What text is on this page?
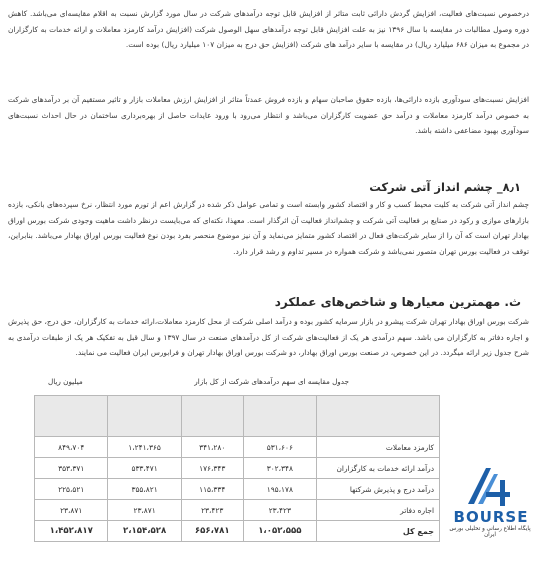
درخصوص نسبت‌های فعالیت، افزایش گردش دارائی ثابت متاثر از افزایش قابل توجه درآمدهای شرکت در سال مورد گزارش نسبت به اقلام مقایسه‌ای می‌باشد. کاهش دوره وصول مطالبات در مقایسه با سال ۱۳۹۶ نیز به علت افزایش قابل توجه درآمدهای سهل الوصول شرکت (افزایش درآمد کارمزد معاملات و ارائه خدمات به کارگزاران در مجموع به میزان ۶۸۶ میلیارد ریال) در مقایسه با سایر درآمد های شرکت (افزایش حق درج به میزان ۱۰۷ میلیارد ریال) بوده است.

افزایش نسبت‌های سودآوری بازده دارائی‌ها، بازده حقوق صاحبان سهام و بازده فروش عمدتاً متاثر از افزایش ارزش معاملات بازار و تاثیر مستقیم آن بر درآمدهای شرکت به خصوص درآمد کارمزد معاملات و درآمد حق عضویت کارگزاران می‌باشد و انتظار می‌رود با ورود عایدات حاصل از بهره‌برداری ساختمان در حال احداث نسبت‌های سودآوری بهبود مضاعفی داشته باشد.

۸٫۱_ چشم انداز آتی شرکت

چشم انداز آتی شرکت به کلیت محیط کسب و کار و اقتصاد کشور وابسته است و تمامی عوامل ذکر شده در گزارش اعم از تورم مورد انتظار، نرخ سپرده‌های بانکی، بازده بازارهای موازی و رکود در صنایع بر فعالیت آتی شرکت و چشم‌انداز فعالیت آن اثرگذار است. معهذا، نکته‌ای که می‌بایست درنظر داشت ماهیت وجودی شرکت بورس اوراق بهادار تهران است که آن را از سایر شرکت‌های فعال در اقتصاد کشور متمایز می‌نماید و آن نیز موضوع منحصر بفرد بودن نوع فعالیت بورس اوراق بهادار می‌باشد. بنابراین، توقف در فعالیت بورس تهران متصور نمی‌باشد و شرکت همواره در مسیر تداوم و رشد قرار دارد.

ث. مهمترین معیارها و شاخص‌های عملکرد

شرکت بورس اوراق بهادار تهران شرکت پیشرو در بازار سرمایه کشور بوده و درآمد اصلی شرکت از محل کارمزد معاملات،ارائه خدمات به کارگزاران، حق درج، حق پذیرش و اجاره دفاتر به کارگزاران می باشد. سهم درآمدی هر یک از فعالیت‌های شرکت از کل درآمدهای صنعت در سال ۱۳۹۷ و سال قبل به تفکیک هر یک از طبقات درآمدی به شرح جدول زیر ارائه میگردد. در این خصوص، در صنعت بورس اوراق بهادار، دو شرکت بورس اوراق بهادار تهران و فرابورس ایران فعالیت می نمایند.

جدول مقایسه ای سهم درآمدهای شرکت از کل بازار
میلیون ریال

کارمزد معاملات	۵۳۱،۶۰۶	۳۴۱،۲۸۰	۱،۲۴۱،۳۶۵	۸۴۹،۷۰۴
درآمد ارائه خدمات به کارگزاران	۳۰۲،۳۴۸	۱۷۶،۳۴۳	۵۳۳،۴۷۱	۳۵۳،۳۷۱
درآمد درج و پذیرش شرکتها	۱۹۵،۱۷۸	۱۱۵،۳۳۴	۳۵۵،۸۲۱	۲۲۵،۵۲۱
اجاره دفاتر	۲۳،۴۲۳	۲۳،۴۲۳	۲۳،۸۷۱	۲۳،۸۷۱
جمع کل	۱،۰۵۲،۵۵۵	۶۵۶،۷۸۱	۲،۱۵۴،۵۲۸	۱،۴۵۲،۸۱۷
BOURSE
پایگاه اطلاع رسانی و تحلیلی بورس ایران
